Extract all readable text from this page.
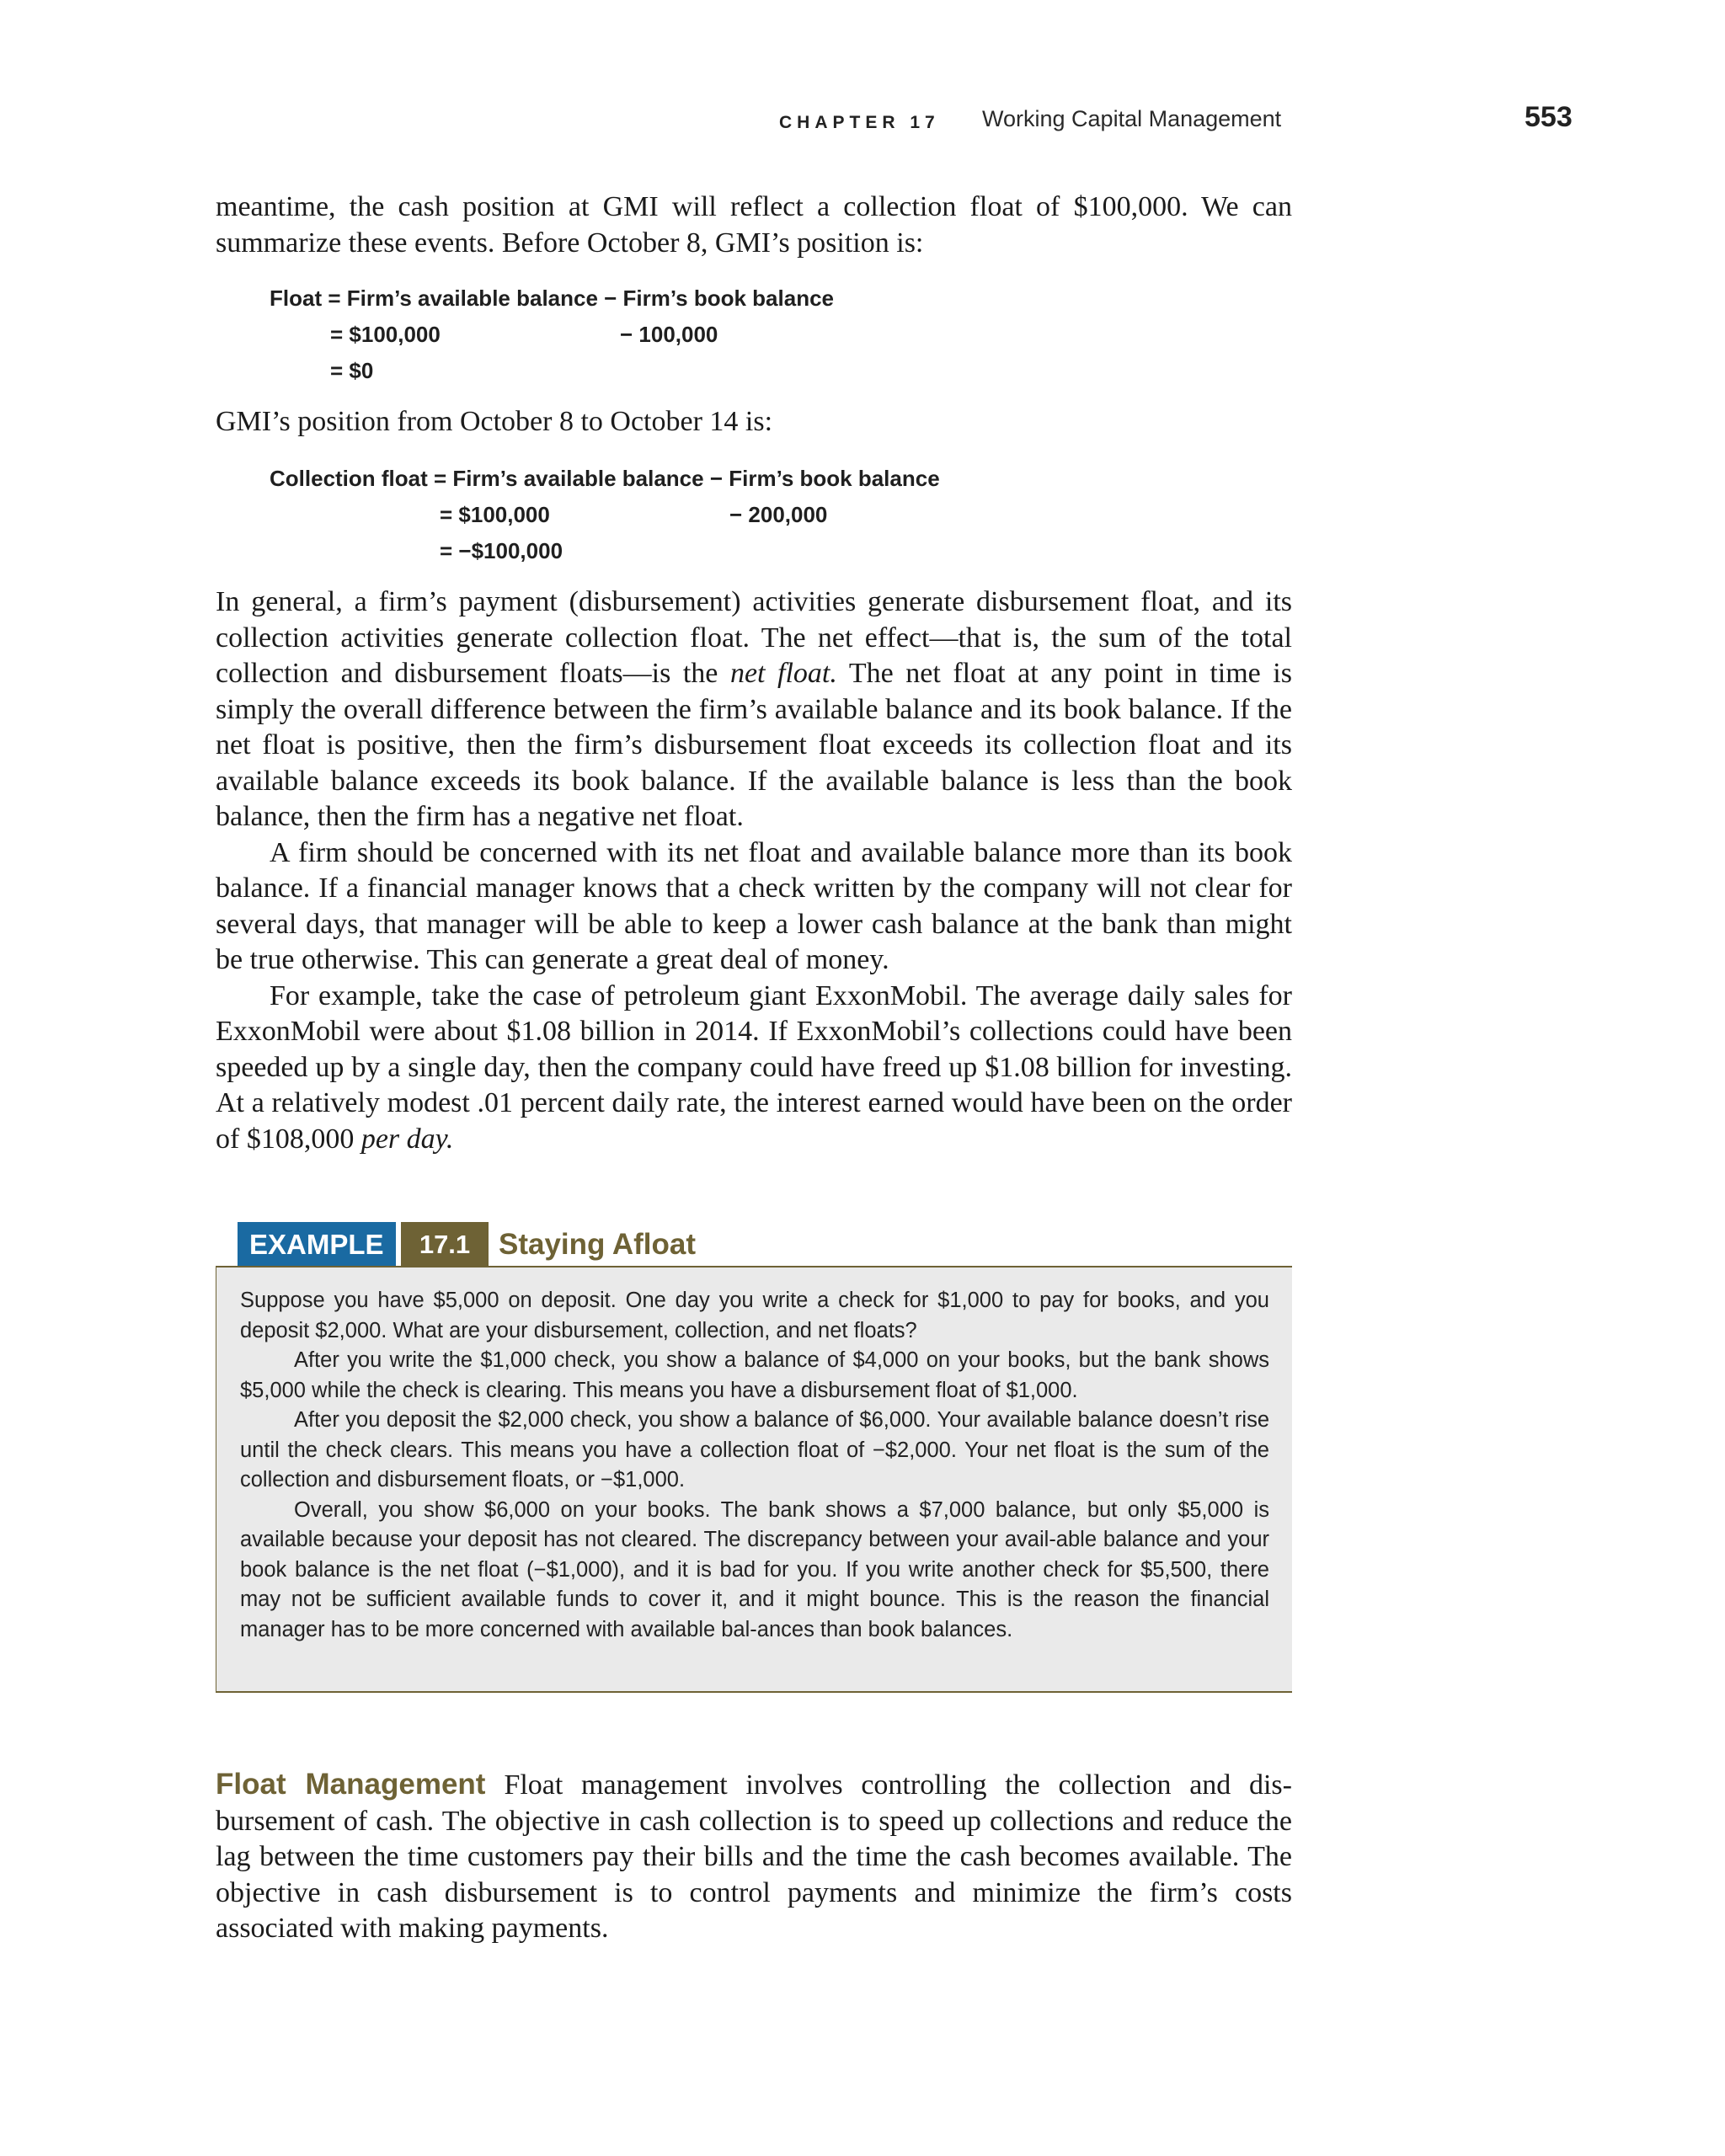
CHAPTER 17 Working Capital Management	553

meantime, the cash position at GMI will reflect a collection float of $100,000. We can summarize these events. Before October 8, GMI’s position is:

Float = Firm’s available balance − Firm’s book balance
= $100,000	− 100,000
= $0

GMI’s position from October 8 to October 14 is:

Collection float = Firm’s available balance − Firm’s book balance
= $100,000	− 200,000
= −$100,000

In general, a firm’s payment (disbursement) activities generate disbursement float, and its collection activities generate collection float. The net effect—that is, the sum of the total collection and disbursement floats—is the net float. The net float at any point in time is simply the overall difference between the firm’s available balance and its book balance. If the net float is positive, then the firm’s disbursement float exceeds its collection float and its available balance exceeds its book balance. If the available balance is less than the book balance, then the firm has a negative net float.

A firm should be concerned with its net float and available balance more than its book balance. If a financial manager knows that a check written by the company will not clear for several days, that manager will be able to keep a lower cash balance at the bank than might be true otherwise. This can generate a great deal of money.

For example, take the case of petroleum giant ExxonMobil. The average daily sales for ExxonMobil were about $1.08 billion in 2014. If ExxonMobil’s collections could have been speeded up by a single day, then the company could have freed up $1.08 billion for investing. At a relatively modest .01 percent daily rate, the interest earned would have been on the order of $108,000 per day.

EXAMPLE	17.1 Staying Afloat

Suppose you have $5,000 on deposit. One day you write a check for $1,000 to pay for books, and you deposit $2,000. What are your disbursement, collection, and net floats?

After you write the $1,000 check, you show a balance of $4,000 on your books, but the bank shows $5,000 while the check is clearing. This means you have a disbursement float of $1,000.

After you deposit the $2,000 check, you show a balance of $6,000. Your available balance doesn’t rise until the check clears. This means you have a collection float of −$2,000. Your net float is the sum of the collection and disbursement floats, or −$1,000.

Overall, you show $6,000 on your books. The bank shows a $7,000 balance, but only $5,000 is available because your deposit has not cleared. The discrepancy between your avail-able balance and your book balance is the net float (−$1,000), and it is bad for you. If you write another check for $5,500, there may not be sufficient available funds to cover it, and it might bounce. This is the reason the financial manager has to be more concerned with available bal-ances than book balances.

Float Management Float management involves controlling the collection and dis-bursement of cash. The objective in cash collection is to speed up collections and reduce the lag between the time customers pay their bills and the time the cash becomes available. The objective in cash disbursement is to control payments and minimize the firm’s costs associated with making payments.
